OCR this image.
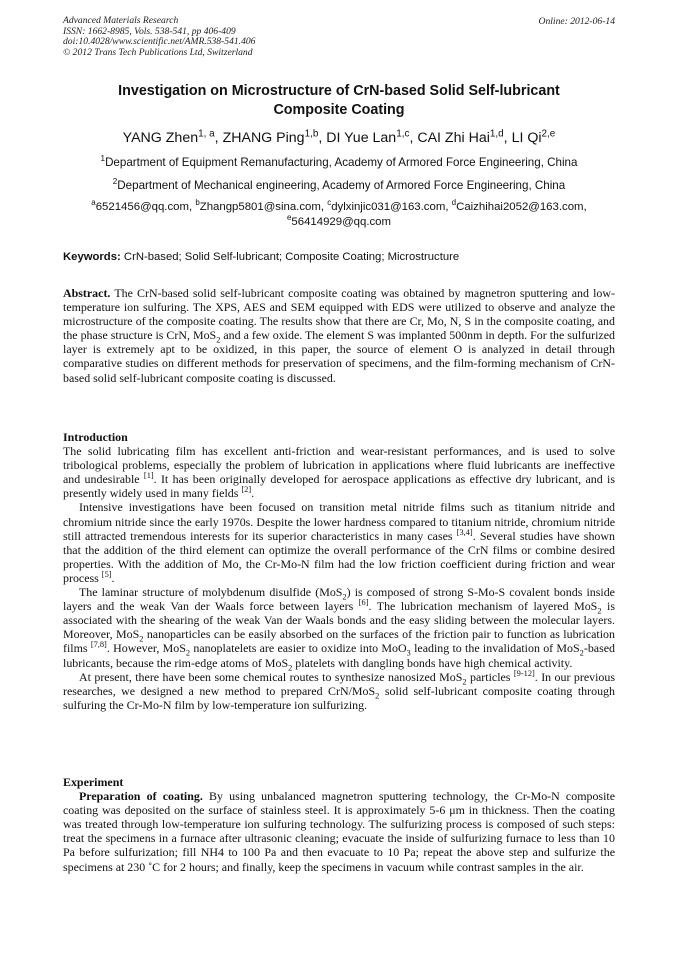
Advanced Materials Research
ISSN: 1662-8985, Vols. 538-541, pp 406-409
doi:10.4028/www.scientific.net/AMR.538-541.406
© 2012 Trans Tech Publications Ltd, Switzerland
Online: 2012-06-14
Investigation on Microstructure of CrN-based Solid Self-lubricant
Composite Coating
YANG Zhen$^{1, a}$, ZHANG Ping$^{1,b}$, DI Yue Lan$^{1,c}$, CAI Zhi Hai$^{1,d}$, LI Qi$^{2,e}$
$^1$Department of Equipment Remanufacturing, Academy of Armored Force Engineering, China
$^2$Department of Mechanical engineering, Academy of Armored Force Engineering, China
$^a$6521456@qq.com, $^b$Zhangp5801@sina.com, $^c$dylxinjic031@163.com, $^d$Caizhihai2052@163.com,
$^e$56414929@qq.com
Keywords: CrN-based; Solid Self-lubricant; Composite Coating; Microstructure

Abstract. The CrN-based solid self-lubricant composite coating was obtained by magnetron sputtering and low-temperature ion sulfuring. The XPS, AES and SEM equipped with EDS were utilized to observe and analyze the microstructure of the composite coating. The results show that there are Cr, Mo, N, S in the composite coating, and the phase structure is CrN, MoS$_2$ and a few oxide. The element S was implanted 500nm in depth. For the sulfurized layer is extremely apt to be oxidized, in this paper, the source of element O is analyzed in detail through comparative studies on different methods for preservation of specimens, and the film-forming mechanism of CrN-based solid self-lubricant composite coating is discussed.

Introduction

The solid lubricating film has excellent anti-friction and wear-resistant performances, and is used to solve tribological problems, especially the problem of lubrication in applications where fluid lubricants are ineffective and undesirable [1]. It has been originally developed for aerospace applications as effective dry lubricant, and is presently widely used in many fields [2].

Intensive investigations have been focused on transition metal nitride films such as titanium nitride and chromium nitride since the early 1970s. Despite the lower hardness compared to titanium nitride, chromium nitride still attracted tremendous interests for its superior characteristics in many cases [3,4]. Several studies have shown that the addition of the third element can optimize the overall performance of the CrN films or combine desired properties. With the addition of Mo, the Cr-Mo-N film had the low friction coefficient during friction and wear process [5].

The laminar structure of molybdenum disulfide (MoS$_2$) is composed of strong S-Mo-S covalent bonds inside layers and the weak Van der Waals force between layers [6]. The lubrication mechanism of layered MoS$_2$ is associated with the shearing of the weak Van der Waals bonds and the easy sliding between the molecular layers. Moreover, MoS$_2$ nanoparticles can be easily absorbed on the surfaces of the friction pair to function as lubrication films [7,8]. However, MoS$_2$ nanoplatelets are easier to oxidize into MoO$_3$ leading to the invalidation of MoS$_2$-based lubricants, because the rim-edge atoms of MoS$_2$ platelets with dangling bonds have high chemical activity.

At present, there have been some chemical routes to synthesize nanosized MoS$_2$ particles [9-12]. In our previous researches, we designed a new method to prepared CrN/MoS$_2$ solid self-lubricant composite coating through sulfuring the Cr-Mo-N film by low-temperature ion sulfurizing.

Experiment

Preparation of coating. By using unbalanced magnetron sputtering technology, the Cr-Mo-N composite coating was deposited on the surface of stainless steel. It is approximately 5-6 μm in thickness. Then the coating was treated through low-temperature ion sulfuring technology. The sulfurizing process is composed of such steps: treat the specimens in a furnace after ultrasonic cleaning; evacuate the inside of sulfurizing furnace to less than 10 Pa before sulfurization; fill NH4 to 100 Pa and then evacuate to 10 Pa; repeat the above step and sulfurize the specimens at 230 ˚C for 2 hours; and finally, keep the specimens in vacuum while contrast samples in the air.
